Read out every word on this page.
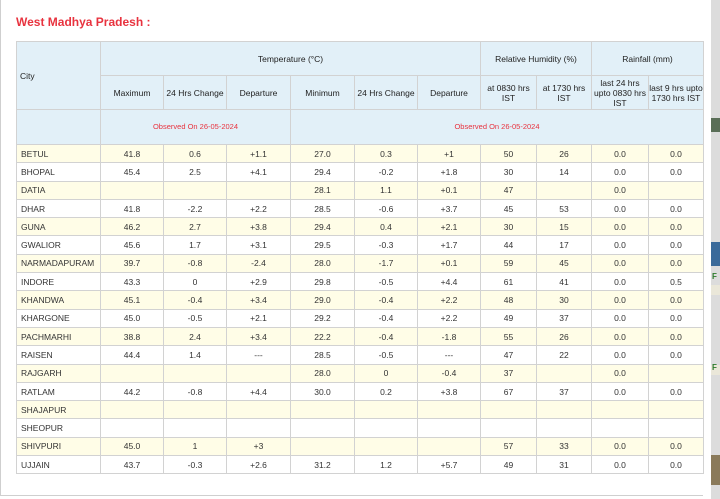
West Madhya Pradesh :
City	Temperature (°C)						Relative Humidity (%)		Rainfall (mm)	
	Maximum	24 Hrs Change	Departure	Minimum	24 Hrs Change	Departure	at 0830 hrs IST	at 1730 hrs IST	last 24 hrs upto 0830 hrs IST	last 9 hrs upto 1730 hrs IST
	Observed On 26-05-2024			Observed On 26-05-2024						
BETUL	41.8	0.6	+1.1	27.0	0.3	+1	50	26	0.0	0.0
BHOPAL	45.4	2.5	+4.1	29.4	-0.2	+1.8	30	14	0.0	0.0
DATIA				28.1	1.1	+0.1	47		0.0	
DHAR	41.8	-2.2	+2.2	28.5	-0.6	+3.7	45	53	0.0	0.0
GUNA	46.2	2.7	+3.8	29.4	0.4	+2.1	30	15	0.0	0.0
GWALIOR	45.6	1.7	+3.1	29.5	-0.3	+1.7	44	17	0.0	0.0
NARMADAPURAM	39.7	-0.8	-2.4	28.0	-1.7	+0.1	59	45	0.0	0.0
INDORE	43.3	0	+2.9	29.8	-0.5	+4.4	61	41	0.0	0.5
KHANDWA	45.1	-0.4	+3.4	29.0	-0.4	+2.2	48	30	0.0	0.0
KHARGONE	45.0	-0.5	+2.1	29.2	-0.4	+2.2	49	37	0.0	0.0
PACHMARHI	38.8	2.4	+3.4	22.2	-0.4	-1.8	55	26	0.0	0.0
RAISEN	44.4	1.4	---	28.5	-0.5	---	47	22	0.0	0.0
RAJGARH				28.0	0	-0.4	37		0.0	
RATLAM	44.2	-0.8	+4.4	30.0	0.2	+3.8	67	37	0.0	0.0
SHAJAPUR										
SHEOPUR										
SHIVPURI	45.0	1	+3				57	33	0.0	0.0
UJJAIN	43.7	-0.3	+2.6	31.2	1.2	+5.7	49	31	0.0	0.0
F
F
